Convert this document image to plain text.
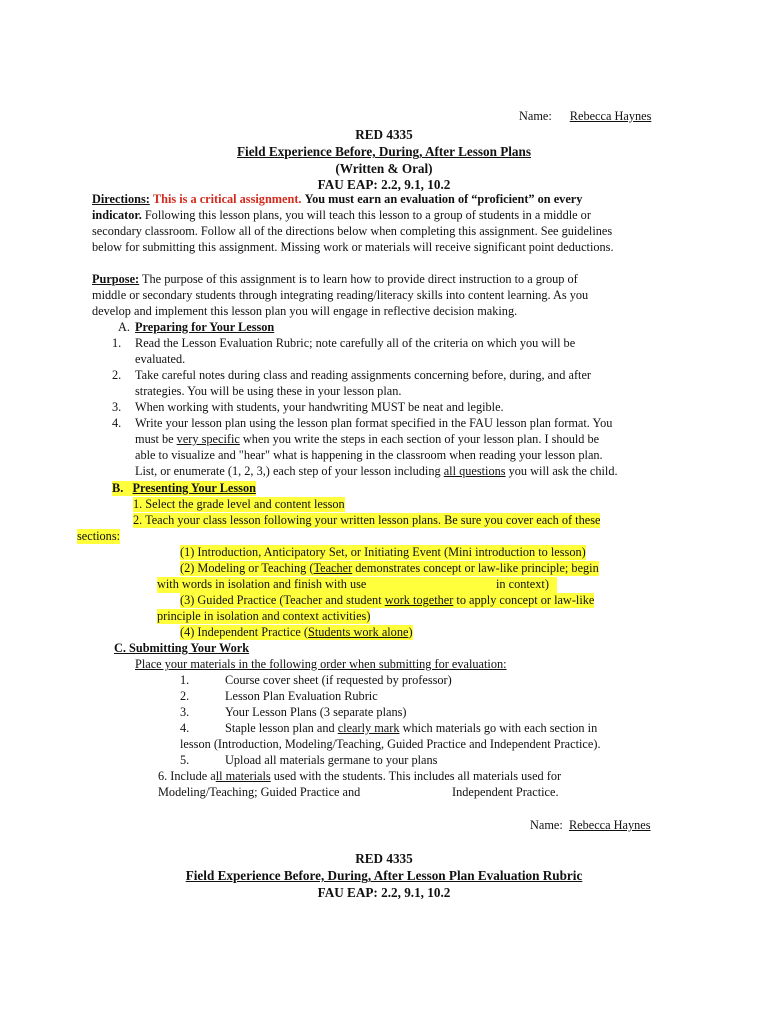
Name: Rebecca Haynes
RED 4335
Field Experience Before, During, After Lesson Plans
(Written & Oral)
FAU EAP: 2.2, 9.1, 10.2
Directions: This is a critical assignment. You must earn an evaluation of “proficient” on every
indicator. Following this lesson plans, you will teach this lesson to a group of students in a middle or
secondary classroom. Follow all of the directions below when completing this assignment. See guidelines
below for submitting this assignment. Missing work or materials will receive significant point deductions.
Purpose: The purpose of this assignment is to learn how to provide direct instruction to a group of
middle or secondary students through integrating reading/literacy skills into content learning. As you
develop and implement this lesson plan you will engage in reflective decision making.
A. Preparing for Your Lesson
1. Read the Lesson Evaluation Rubric; note carefully all of the criteria on which you will be
evaluated.
2. Take careful notes during class and reading assignments concerning before, during, and after
strategies. You will be using these in your lesson plan.
3. When working with students, your handwriting MUST be neat and legible.
4. Write your lesson plan using the lesson plan format specified in the FAU lesson plan format. You
must be very specific when you write the steps in each section of your lesson plan. I should be
able to visualize and "hear" what is happening in the classroom when reading your lesson plan.
List, or enumerate (1, 2, 3,) each step of your lesson including all questions you will ask the child.
B. Presenting Your Lesson
1. Select the grade level and content lesson
2. Teach your class lesson following your written lesson plans. Be sure you cover each of these
sections:
(1) Introduction, Anticipatory Set, or Initiating Event (Mini introduction to lesson)
(2) Modeling or Teaching (Teacher demonstrates concept or law-like principle; begin
with words in isolation and finish with use	in context)
(3) Guided Practice (Teacher and student work together to apply concept or law-like
principle in isolation and context activities)
(4) Independent Practice (Students work alone)
C. Submitting Your Work
Place your materials in the following order when submitting for evaluation:
1.	Course cover sheet (if requested by professor)
2.	Lesson Plan Evaluation Rubric
3.	Your Lesson Plans (3 separate plans)
4.	Staple lesson plan and clearly mark which materials go with each section in
lesson (Introduction, Modeling/Teaching, Guided Practice and Independent Practice).
5.	Upload all materials germane to your plans
6. Include all materials used with the students. This includes all materials used for
Modeling/Teaching; Guided Practice and	Independent Practice.
Name: Rebecca Haynes
RED 4335
Field Experience Before, During, After Lesson Plan Evaluation Rubric
FAU EAP: 2.2, 9.1, 10.2
